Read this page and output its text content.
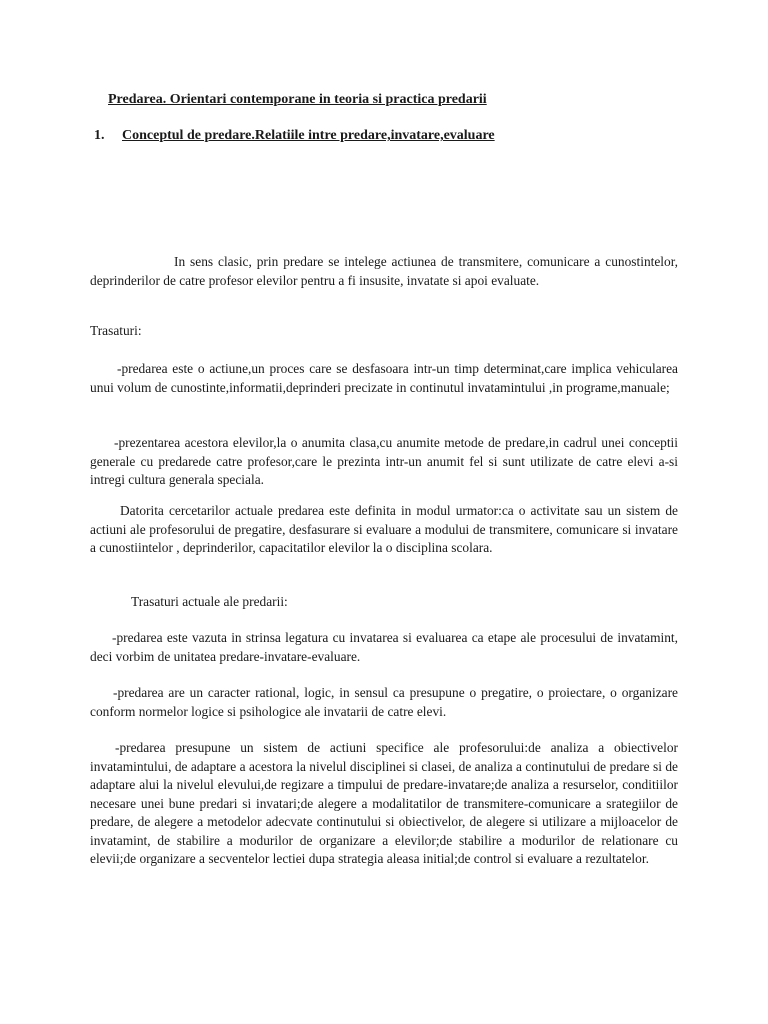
Predarea. Orientari contemporane in teoria si practica predarii
1. Conceptul de predare.Relatiile intre predare,invatare,evaluare

In sens clasic, prin predare se intelege actiunea de transmitere, comunicare a cunostintelor, deprinderilor de catre profesor elevilor pentru a fi insusite, invatate si apoi evaluate.

Trasaturi:

-predarea este o actiune,un proces care se desfasoara intr-un timp determinat,care implica vehicularea unui volum de cunostinte,informatii,deprinderi precizate in continutul invatamintului ,in programe,manuale;

-prezentarea acestora elevilor,la o anumita clasa,cu anumite metode de predare,in cadrul unei conceptii generale cu predarede catre profesor,care le prezinta intr-un anumit fel si sunt utilizate de catre elevi a-si intregi cultura generala speciala.

Datorita cercetarilor actuale predarea este definita in modul urmator:ca o activitate sau un sistem de actiuni ale profesorului de pregatire, desfasurare si evaluare a modului de transmitere, comunicare si invatare a cunostiintelor , deprinderilor, capacitatilor elevilor la o disciplina scolara.

Trasaturi actuale ale predarii:

-predarea este vazuta in strinsa legatura cu invatarea si evaluarea ca etape ale procesului de invatamint, deci vorbim de unitatea predare-invatare-evaluare.

-predarea are un caracter rational, logic, in sensul ca presupune o pregatire, o proiectare, o organizare conform normelor logice si psihologice ale invatarii de catre elevi.

-predarea presupune un sistem de actiuni specifice ale profesorului:de analiza a obiectivelor invatamintului, de adaptare a acestora la nivelul disciplinei si clasei, de analiza a continutului de predare si de adaptare alui la nivelul elevului,de regizare a timpului de predare-invatare;de analiza a resurselor, conditiilor necesare unei bune predari si invatari;de alegere a modalitatilor de transmitere-comunicare a srategiilor de predare, de alegere a metodelor adecvate continutului si obiectivelor, de alegere si utilizare a mijloacelor de invatamint, de stabilire a modurilor de organizare a elevilor;de stabilire a modurilor de relationare cu elevii;de organizare a secventelor lectiei dupa strategia aleasa initial;de control si evaluare a rezultatelor.
